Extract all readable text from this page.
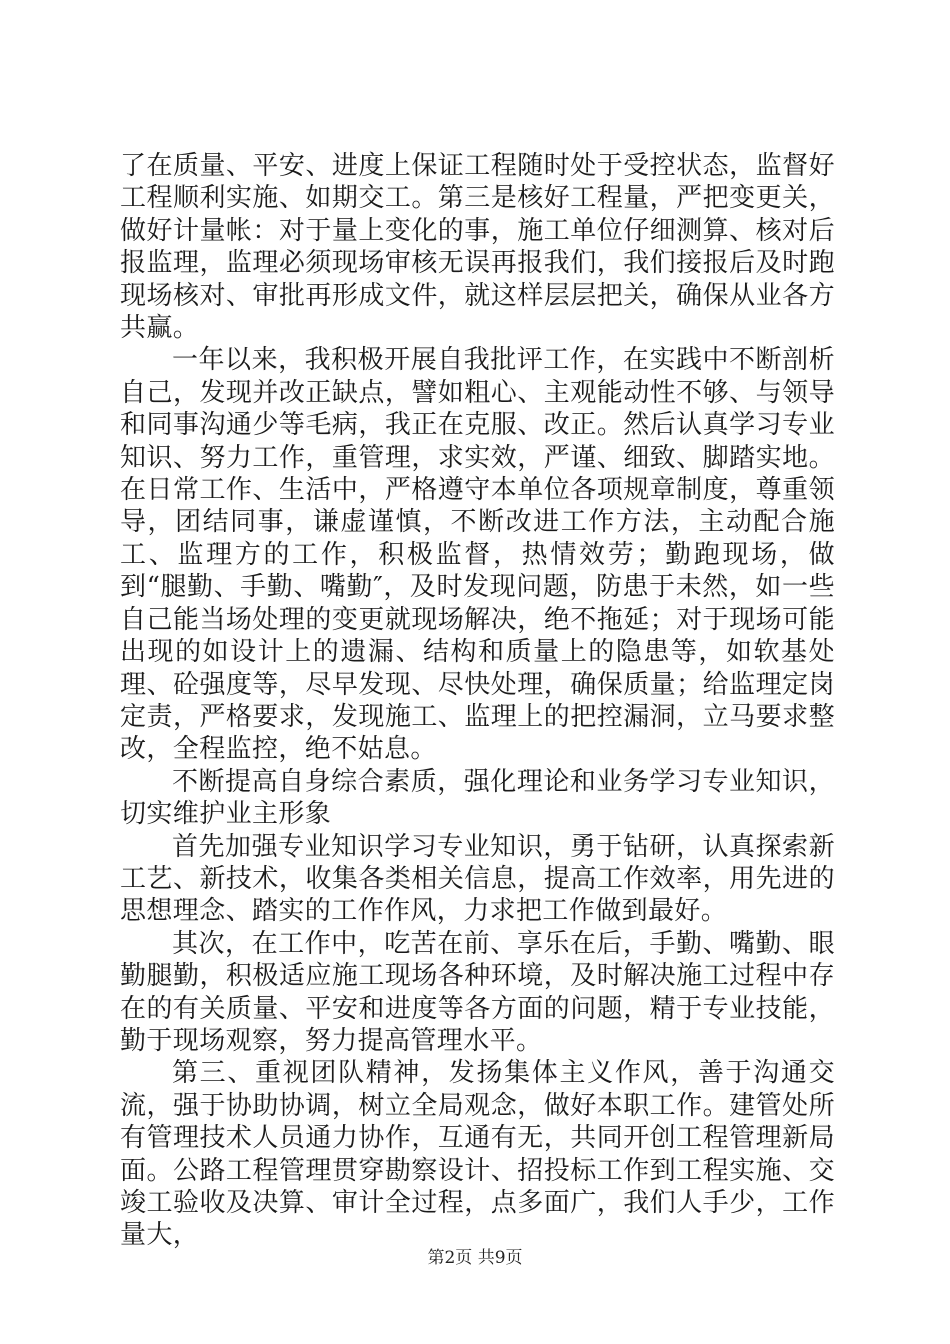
了在质量、平安、进度上保证工程随时处于受控状态，监督好工程顺利实施、如期交工。第三是核好工程量，严把变更关，做好计量帐：对于量上变化的事，施工单位仔细测算、核对后报监理，监理必须现场审核无误再报我们，我们接报后及时跑现场核对、审批再形成文件，就这样层层把关，确保从业各方共赢。

一年以来，我积极开展自我批评工作，在实践中不断剖析自己，发现并改正缺点，譬如粗心、主观能动性不够、与领导和同事沟通少等毛病，我正在克服、改正。然后认真学习专业知识、努力工作，重管理，求实效，严谨、细致、脚踏实地。在日常工作、生活中，严格遵守本单位各项规章制度，尊重领导，团结同事，谦虚谨慎，不断改进工作方法，主动配合施工、监理方的工作，积极监督，热情效劳；勤跑现场，做到“腿勤、手勤、嘴勤″，及时发现问题，防患于未然，如一些自己能当场处理的变更就现场解决，绝不拖延；对于现场可能出现的如设计上的遗漏、结构和质量上的隐患等，如软基处理、砼强度等，尽早发现、尽快处理，确保质量；给监理定岗定责，严格要求，发现施工、监理上的把控漏洞，立马要求整改，全程监控，绝不姑息。

不断提高自身综合素质，强化理论和业务学习专业知识，切实维护业主形象

首先加强专业知识学习专业知识，勇于钻研，认真探索新工艺、新技术，收集各类相关信息，提高工作效率，用先进的思想理念、踏实的工作作风，力求把工作做到最好。

其次，在工作中，吃苦在前、享乐在后，手勤、嘴勤、眼勤腿勤，积极适应施工现场各种环境，及时解决施工过程中存在的有关质量、平安和进度等各方面的问题，精于专业技能，勤于现场观察，努力提高管理水平。

第三、重视团队精神，发扬集体主义作风，善于沟通交流，强于协助协调，树立全局观念，做好本职工作。建管处所有管理技术人员通力协作，互通有无，共同开创工程管理新局面。公路工程管理贯穿勘察设计、招投标工作到工程实施、交竣工验收及决算、审计全过程，点多面广，我们人手少，工作量大，

第2页 共9页
